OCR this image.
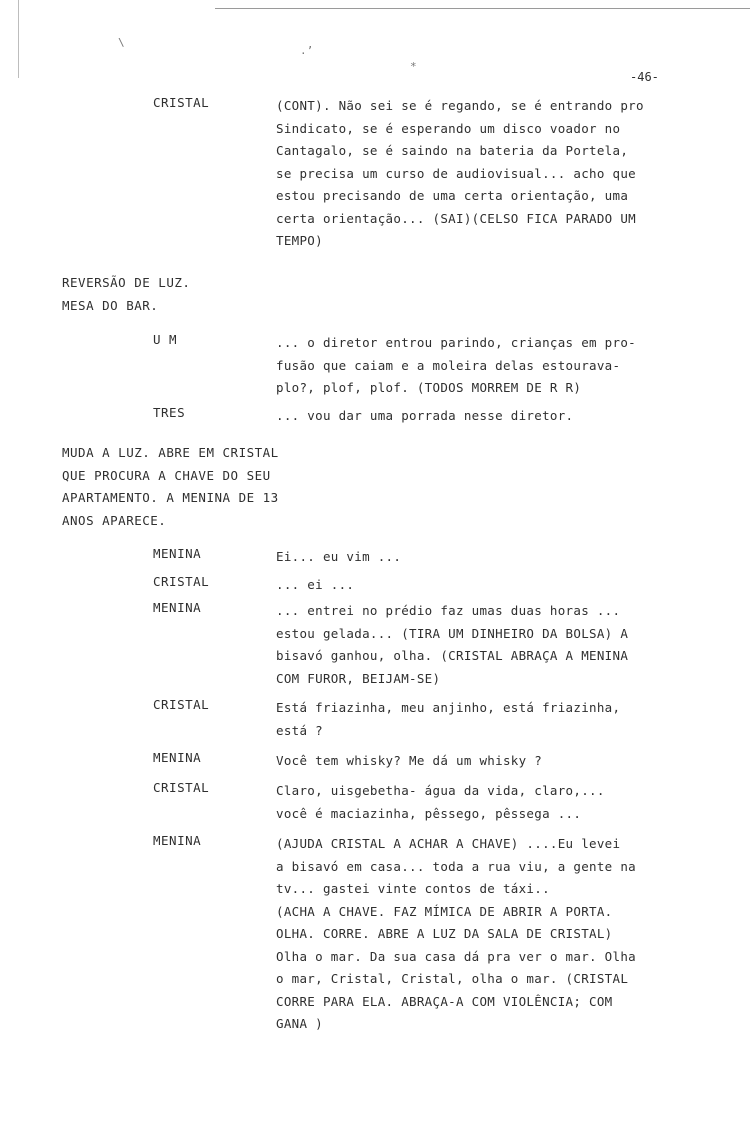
\
.’
*
-46-
CRISTAL	(CONT). Não sei se é regando, se é entrando pro
Sindicato, se é esperando um disco voador no
Cantagalo, se é saindo na bateria da Portela,
se precisa um curso de audiovisual... acho que
estou precisando de uma certa orientação, uma
certa orientação... (SAI)(CELSO FICA PARADO UM
TEMPO)
REVERSÃO DE LUZ.
MESA DO BAR.
U M	... o diretor entrou parindo, crianças em pro-
fusão que caiam e a moleira delas estourava-
plo?, plof, plof. (TODOS MORREM DE R R)
TRES	... vou dar uma porrada nesse diretor.
MUDA A LUZ. ABRE EM CRISTAL
QUE PROCURA A CHAVE DO SEU
APARTAMENTO. A MENINA DE 13
ANOS APARECE.
MENINA	Ei... eu vim ...
CRISTAL	... ei ...
MENINA	... entrei no prédio faz umas duas horas ...
estou gelada... (TIRA UM DINHEIRO DA BOLSA) A
bisavó ganhou, olha. (CRISTAL ABRAÇA A MENINA
COM FUROR, BEIJAM-SE)
CRISTAL	Está friazinha, meu anjinho, está friazinha,
está ?
MENINA	Você tem whisky? Me dá um whisky ?
CRISTAL	Claro, uisgebetha- água da vida, claro,...
você é maciazinha, pêssego, pêssega ...
MENINA	(AJUDA CRISTAL A ACHAR A CHAVE) ....Eu levei
a bisavó em casa... toda a rua viu, a gente na
tv... gastei vinte contos de táxi..
(ACHA A CHAVE. FAZ MÍMICA DE ABRIR A PORTA.
OLHA. CORRE. ABRE A LUZ DA SALA DE CRISTAL)
Olha o mar. Da sua casa dá pra ver o mar. Olha
o mar, Cristal, Cristal, olha o mar. (CRISTAL
CORRE PARA ELA. ABRAÇA-A COM VIOLÊNCIA; COM
GANA )
